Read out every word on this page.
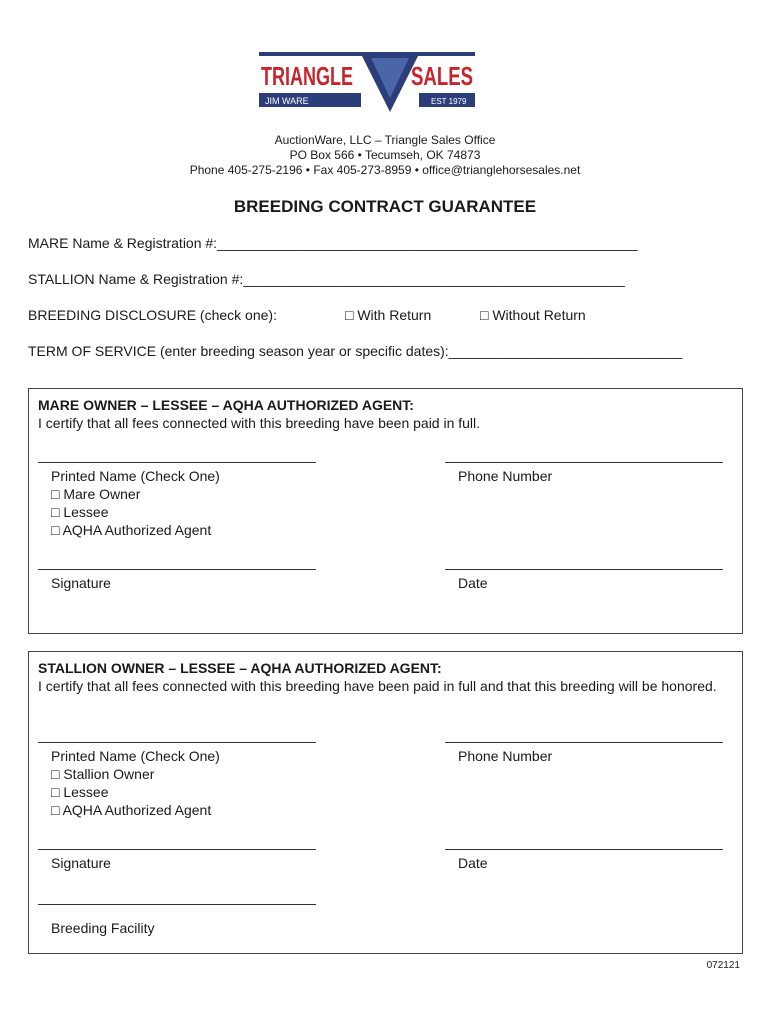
TRIANGLE SALES
JIM WARE	EST 1979
AuctionWare, LLC – Triangle Sales Office
PO Box 566 • Tecumseh, OK 74873
Phone 405-275-2196 • Fax 405-273-8959 • office@trianglehorsesales.net
BREEDING CONTRACT GUARANTEE
MARE Name & Registration #:______________________________________________________
STALLION Name & Registration #:_________________________________________________
BREEDING DISCLOSURE (check one):	□ With Return	□ Without Return
TERM OF SERVICE (enter breeding season year or specific dates):______________________________
MARE OWNER – LESSEE – AQHA AUTHORIZED AGENT:
I certify that all fees connected with this breeding have been paid in full.
Printed Name (Check One)
□ Mare Owner
□ Lessee
□ AQHA Authorized Agent
Phone Number
Signature	Date
STALLION OWNER – LESSEE – AQHA AUTHORIZED AGENT:
I certify that all fees connected with this breeding have been paid in full and that this breeding will be honored.
Printed Name (Check One)
□ Stallion Owner
□ Lessee
□ AQHA Authorized Agent
Phone Number
Signature	Date
Breeding Facility
072121
